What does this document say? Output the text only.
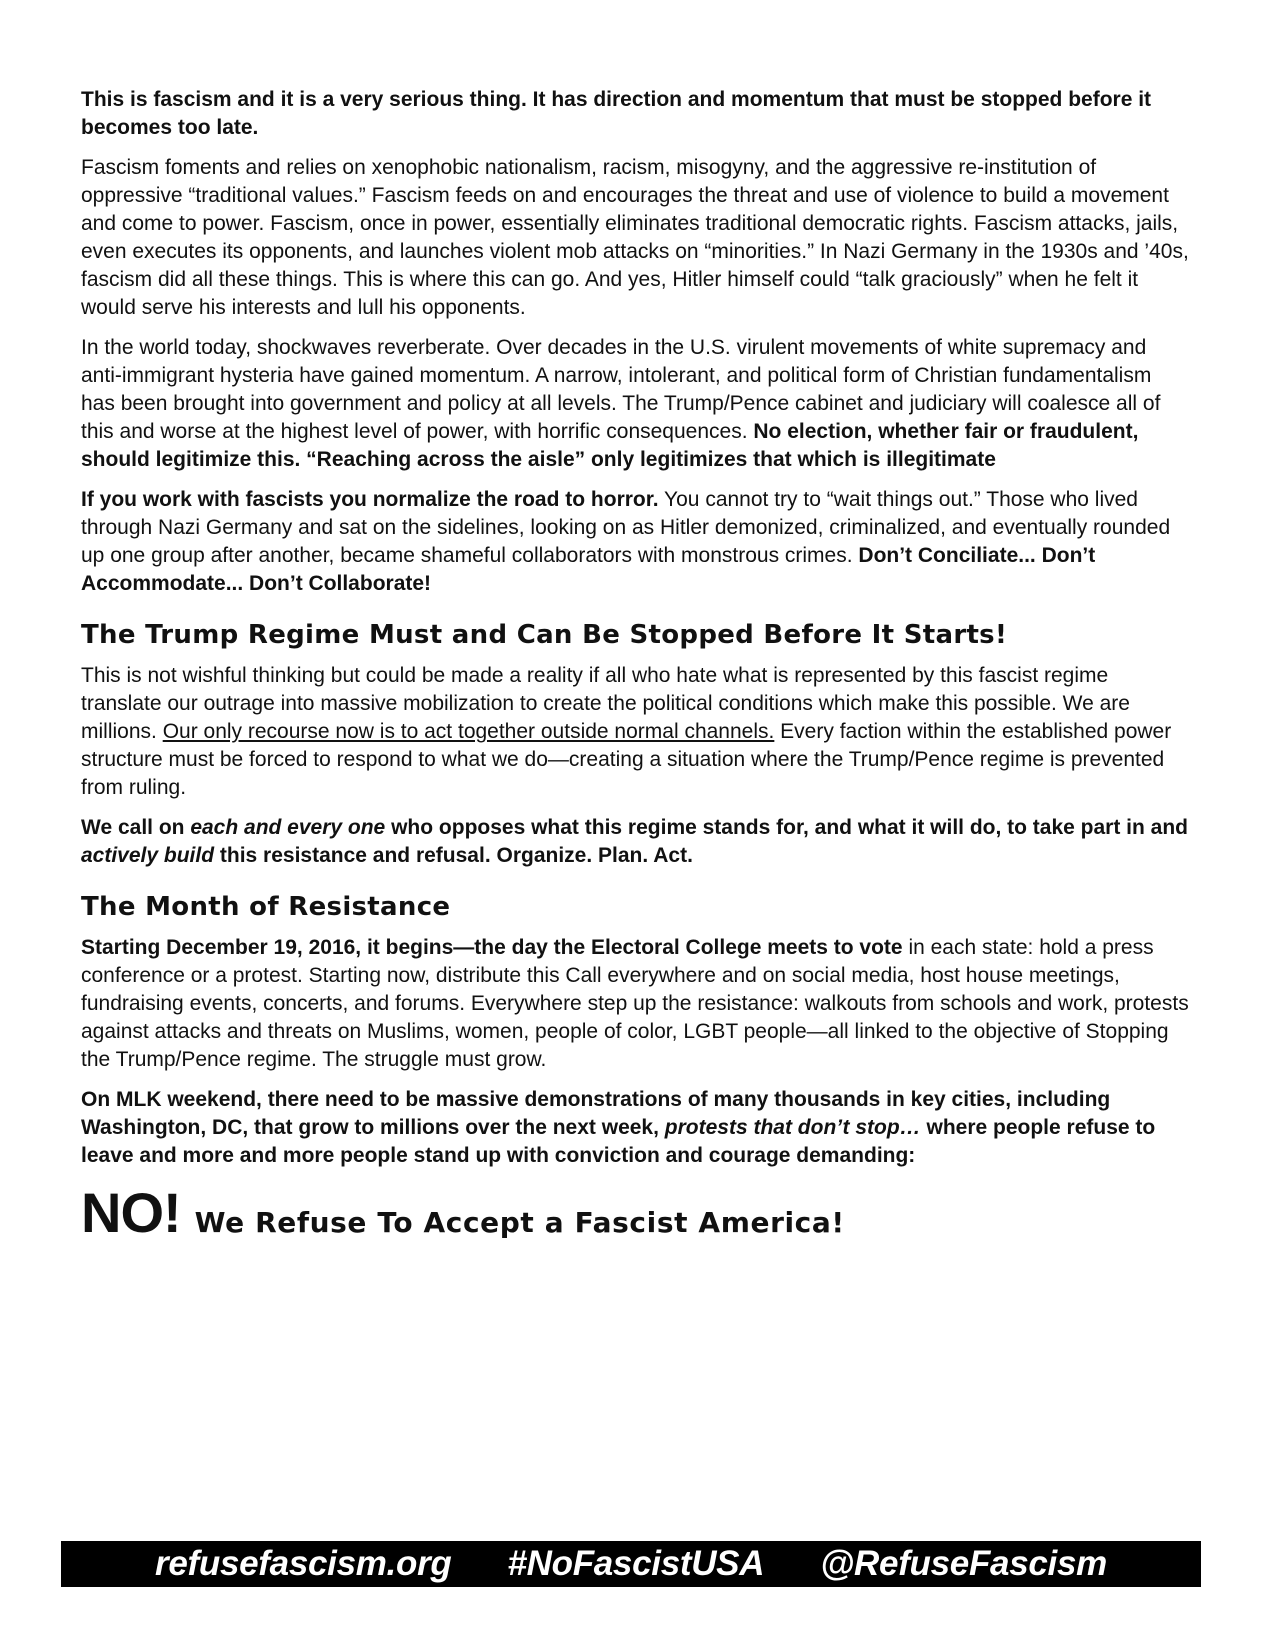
This is fascism and it is a very serious thing. It has direction and momentum that must be stopped before it becomes too late.

Fascism foments and relies on xenophobic nationalism, racism, misogyny, and the aggressive re-institution of oppressive “traditional values.” Fascism feeds on and encourages the threat and use of violence to build a movement and come to power. Fascism, once in power, essentially eliminates traditional democratic rights. Fascism attacks, jails, even executes its opponents, and launches violent mob attacks on “minorities.” In Nazi Germany in the 1930s and ’40s, fascism did all these things. This is where this can go. And yes, Hitler himself could “talk graciously” when he felt it would serve his interests and lull his opponents.

In the world today, shockwaves reverberate. Over decades in the U.S. virulent movements of white supremacy and anti-immigrant hysteria have gained momentum. A narrow, intolerant, and political form of Christian fundamentalism has been brought into government and policy at all levels. The Trump/Pence cabinet and judiciary will coalesce all of this and worse at the highest level of power, with horrific consequences. No election, whether fair or fraudulent, should legitimize this. “Reaching across the aisle” only legitimizes that which is illegitimate

If you work with fascists you normalize the road to horror. You cannot try to “wait things out.” Those who lived through Nazi Germany and sat on the sidelines, looking on as Hitler demonized, criminalized, and eventually rounded up one group after another, became shameful collaborators with monstrous crimes. Don’t Conciliate... Don’t Accommodate... Don’t Collaborate!

The Trump Regime Must and Can Be Stopped Before It Starts!

This is not wishful thinking but could be made a reality if all who hate what is represented by this fascist regime translate our outrage into massive mobilization to create the political conditions which make this possible. We are millions. Our only recourse now is to act together outside normal channels. Every faction within the established power structure must be forced to respond to what we do—creating a situation where the Trump/Pence regime is prevented from ruling.

We call on each and every one who opposes what this regime stands for, and what it will do, to take part in and actively build this resistance and refusal. Organize. Plan. Act.

The Month of Resistance

Starting December 19, 2016, it begins—the day the Electoral College meets to vote in each state: hold a press conference or a protest. Starting now, distribute this Call everywhere and on social media, host house meetings, fundraising events, concerts, and forums. Everywhere step up the resistance: walkouts from schools and work, protests against attacks and threats on Muslims, women, people of color, LGBT people—all linked to the objective of Stopping the Trump/Pence regime. The struggle must grow.

On MLK weekend, there need to be massive demonstrations of many thousands in key cities, including Washington, DC, that grow to millions over the next week, protests that don’t stop… where people refuse to leave and more and more people stand up with conviction and courage demanding:

NO! We Refuse To Accept a Fascist America!
refusefascism.org #NoFascistUSA @RefuseFascism
